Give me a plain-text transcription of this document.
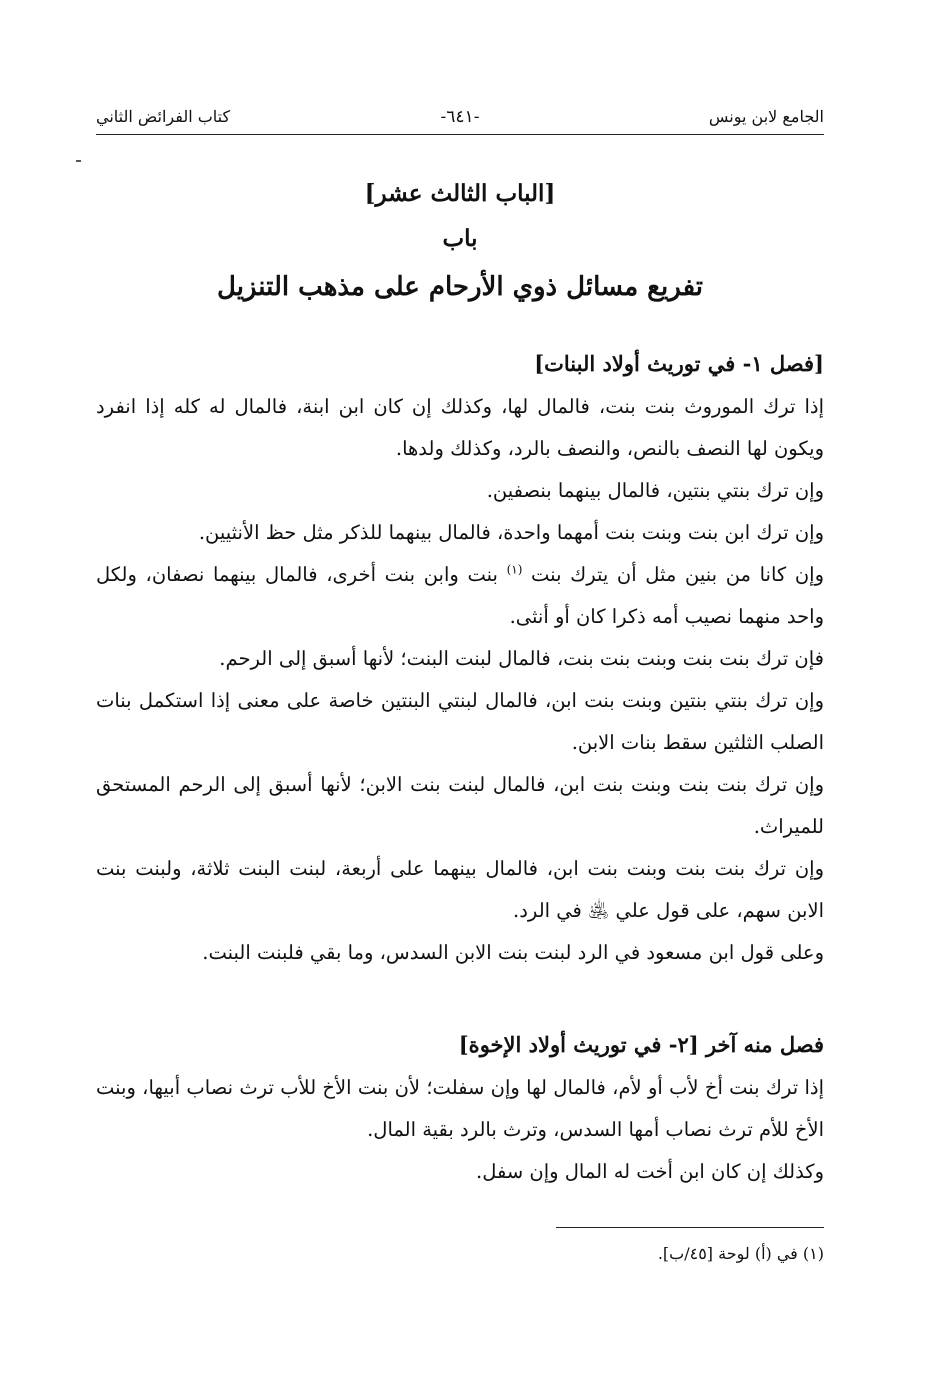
الجامع لابن يونس
-٦٤١-
كتاب الفرائض الثاني
[الباب الثالث عشر]
باب
تفريع مسائل ذوي الأرحام على مذهب التنزيل
[فصل ١- في توريث أولاد البنات]

إذا ترك الموروث بنت بنت، فالمال لها، وكذلك إن كان ابن ابنة، فالمال له كله إذا انفرد ويكون لها النصف بالنص، والنصف بالرد، وكذلك ولدها.

وإن ترك بنتي بنتين، فالمال بينهما بنصفين.

وإن ترك ابن بنت وبنت بنت أمهما واحدة، فالمال بينهما للذكر مثل حظ الأنثيين.

وإن كانا من بنين مثل أن يترك بنت $^{(١)}$ بنت وابن بنت أخرى، فالمال بينهما نصفان، ولكل واحد منهما نصيب أمه ذكرا كان أو أنثى.

فإن ترك بنت بنت وبنت بنت بنت، فالمال لبنت البنت؛ لأنها أسبق إلى الرحم.

وإن ترك بنتي بنتين وبنت بنت ابن، فالمال لبنتي البنتين خاصة على معنى إذا استكمل بنات الصلب الثلثين سقط بنات الابن.

وإن ترك بنت بنت وبنت بنت ابن، فالمال لبنت بنت الابن؛ لأنها أسبق إلى الرحم المستحق للميراث.

وإن ترك بنت بنت وبنت بنت ابن، فالمال بينهما على أربعة، لبنت البنت ثلاثة، ولبنت بنت الابن سهم، على قول علي ﵁ في الرد.

وعلى قول ابن مسعود في الرد لبنت بنت الابن السدس، وما بقي فلبنت البنت.

فصل منه آخر [٢- في توريث أولاد الإخوة]

إذا ترك بنت أخ لأب أو لأم، فالمال لها وإن سفلت؛ لأن بنت الأخ للأب ترث نصاب أبيها، وبنت الأخ للأم ترث نصاب أمها السدس، وترث بالرد بقية المال.

وكذلك إن كان ابن أخت له المال وإن سفل.

(١) في (أ) لوحة [٤٥/ب].
